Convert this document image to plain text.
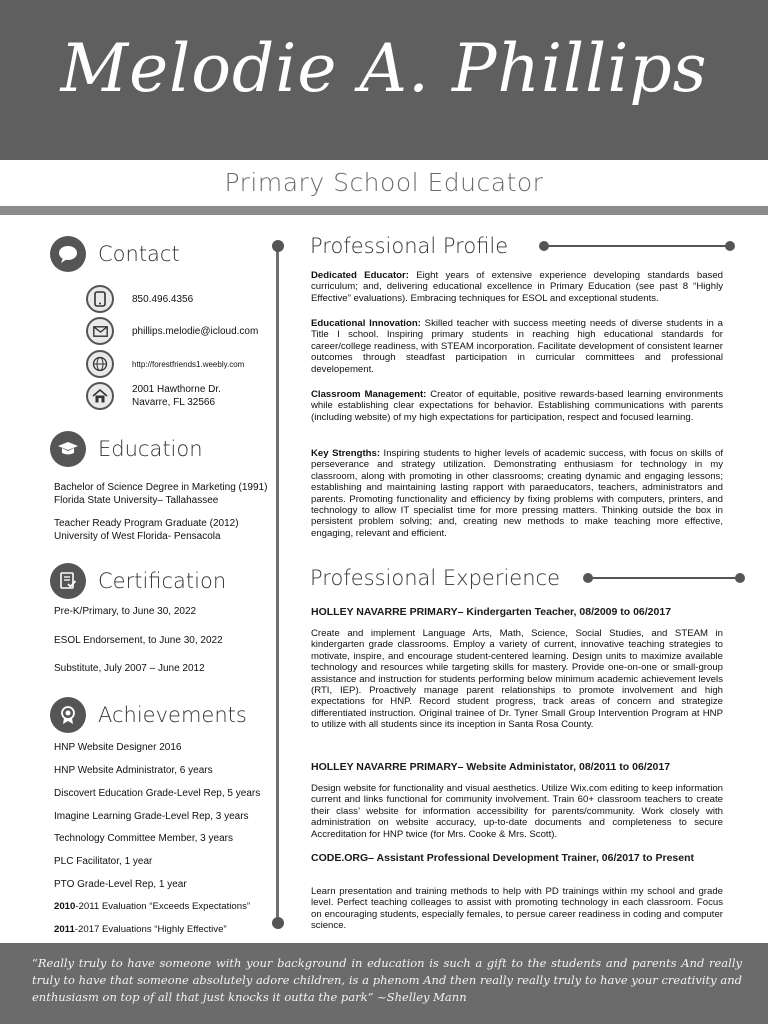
Melodie A. Phillips
Primary School Educator
Contact
850.496.4356
phillips.melodie@icloud.com
http://forestfriends1.weebly.com
2001 Hawthorne Dr.
Navarre, FL 32566
Education
Bachelor of Science Degree in Marketing (1991)
Florida State University– Tallahassee
Teacher Ready Program Graduate (2012)
University of West Florida- Pensacola
Certification
Pre-K/Primary, to June 30, 2022
ESOL Endorsement, to June 30, 2022
Substitute, July 2007 – June 2012
Achievements
HNP Website Designer 2016
HNP Website Administrator, 6 years
Discovert Education Grade-Level Rep, 5 years
Imagine Learning Grade-Level Rep, 3 years
Technology Committee Member, 3 years
PLC Facilitator, 1 year
PTO Grade-Level Rep, 1 year
2010-2011 Evaluation “Exceeds Expectations”
2011-2017 Evaluations “Highly Effective”
Professional Profile
Dedicated Educator: Eight years of extensive experience developing standards based curriculum; and, delivering educational excellence in Primary Education (see past 8 “Highly Effective” evaluations). Embracing techniques for ESOL and exceptional students.
Educational Innovation: Skilled teacher with success meeting needs of diverse students in a Title I school. Inspiring primary students in reaching high educational standards for career/college readiness, with STEAM incorporation. Facilitate development of consistent learner outcomes through steadfast participation in curricular committees and professional developement.
Classroom Management: Creator of equitable, positive rewards-based learning environments while establishing clear expectations for behavior. Establishing communications with parents (including website) of my high expectations for participation, respect and focused learning.
Key Strengths: Inspiring students to higher levels of academic success, with focus on skills of perseverance and strategy utilization. Demonstrating enthusiasm for technology in my classroom, along with promoting in other classrooms; creating dynamic and engaging lessons; establishing and maintaining lasting rapport with paraeducators, teachers, administrators and parents. Promoting functionality and efficiency by fixing problems with computers, printers, and technology to allow IT specialist time for more pressing matters. Thinking outside the box in persistent problem solving; and, creating new methods to make teaching more effective, engaging, relevant and efficient.
Professional Experience
HOLLEY NAVARRE PRIMARY– Kindergarten Teacher, 08/2009 to 06/2017
Create and implement Language Arts, Math, Science, Social Studies, and STEAM in kindergarten grade classrooms. Employ a variety of current, innovative teaching strategies to motivate, inspire, and encourage student-centered learning. Design units to maximize available technology and resources while targeting skills for mastery. Provide one-on-one or small-group assistance and instruction for students performing below minimum academic achievement levels (RTI, IEP). Proactively manage parent relationships to promote involvement and high expectations for HNP. Record student progress, track areas of concern and strategize differentiated instruction. Original trainee of Dr. Tyner Small Group Intervention Program at HNP to utilize with all students since its inception in Santa Rosa County.
HOLLEY NAVARRE PRIMARY– Website Administator, 08/2011 to 06/2017
Design website for functionality and visual aesthetics. Utilize Wix.com editing to keep information current and links functional for community involvement. Train 60+ classroom teachers to create their class’ website for information accessibility for parents/community. Work closely with administration on website accuracy, up-to-date documents and completeness to secure Accreditation for HNP twice (for Mrs. Cooke & Mrs. Scott).
CODE.ORG– Assistant Professional Development Trainer, 06/2017 to Present
Learn presentation and training methods to help with PD trainings within my school and grade level. Perfect teaching colleages to assist with promoting technology in each classroom. Focus on encouraging students, especially females, to persue career readiness in coding and computer science.
“Really truly to have someone with your background in education is such a gift to the students and parents And really truly to have that someone absolutely adore children, is a phenom And then really really truly to have your creativity and enthusiasm on top of all that just knocks it outta the park” ~Shelley Mann
